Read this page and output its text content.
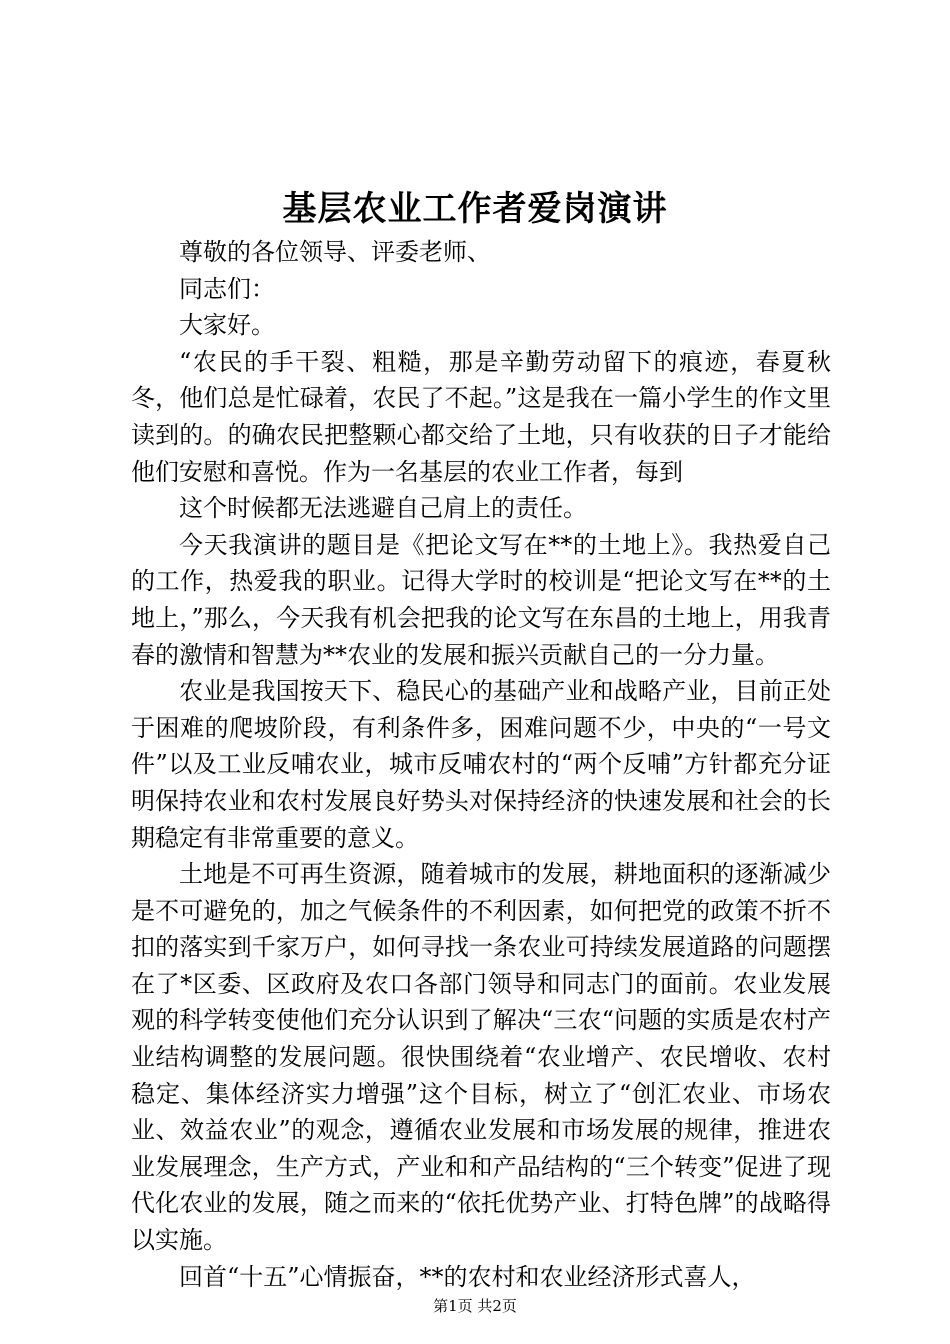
基层农业工作者爱岗演讲

尊敬的各位领导、评委老师、

同志们：

大家好。

“农民的手干裂、粗糙，那是辛勤劳动留下的痕迹，春夏秋冬，他们总是忙碌着，农民了不起。”这是我在一篇小学生的作文里读到的。的确农民把整颗心都交给了土地，只有收获的日子才能给他们安慰和喜悦。作为一名基层的农业工作者，每到

这个时候都无法逃避自己肩上的责任。

今天我演讲的题目是《把论文写在**的土地上》。我热爱自己的工作，热爱我的职业。记得大学时的校训是“把论文写在**的土地上，”那么，今天我有机会把我的论文写在东昌的土地上，用我青春的激情和智慧为**农业的发展和振兴贡献自己的一分力量。

农业是我国按天下、稳民心的基础产业和战略产业，目前正处于困难的爬坡阶段，有利条件多，困难问题不少，中央的“一号文件”以及工业反哺农业，城市反哺农村的“两个反哺”方针都充分证明保持农业和农村发展良好势头对保持经济的快速发展和社会的长期稳定有非常重要的意义。

土地是不可再生资源，随着城市的发展，耕地面积的逐渐减少是不可避免的，加之气候条件的不利因素，如何把党的政策不折不扣的落实到千家万户，如何寻找一条农业可持续发展道路的问题摆在了*区委、区政府及农口各部门领导和同志门的面前。农业发展观的科学转变使他们充分认识到了解决“三农“问题的实质是农村产业结构调整的发展问题。很快围绕着“农业增产、农民增收、农村稳定、集体经济实力增强”这个目标，树立了“创汇农业、市场农业、效益农业”的观念，遵循农业发展和市场发展的规律，推进农业发展理念，生产方式，产业和和产品结构的“三个转变”促进了现代化农业的发展，随之而来的“依托优势产业、打特色牌”的战略得以实施。

回首“十五”心情振奋，**的农村和农业经济形式喜人，

第1页 共2页
